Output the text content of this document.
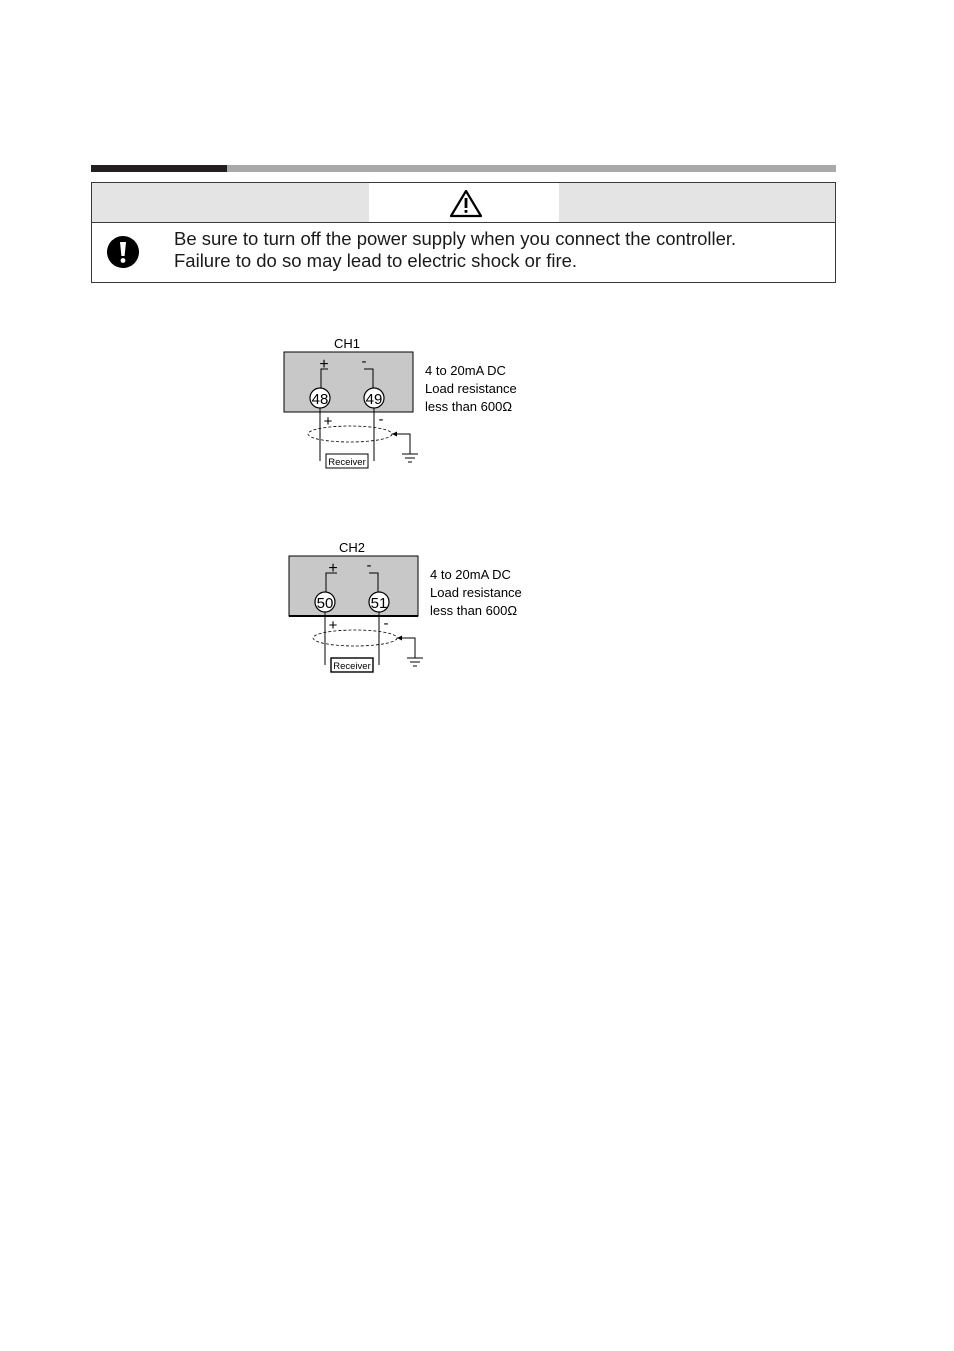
Be sure to turn off the power supply when you connect the controller.
Failure to do so may lead to electric shock or fire.
CH1
+ -
48 49
+	-
Receiver
4 to 20mA DC
Load resistance
less than 600Ω
CH2
+ -
50 51
+	-
Receiver
4 to 20mA DC
Load resistance
less than 600Ω
